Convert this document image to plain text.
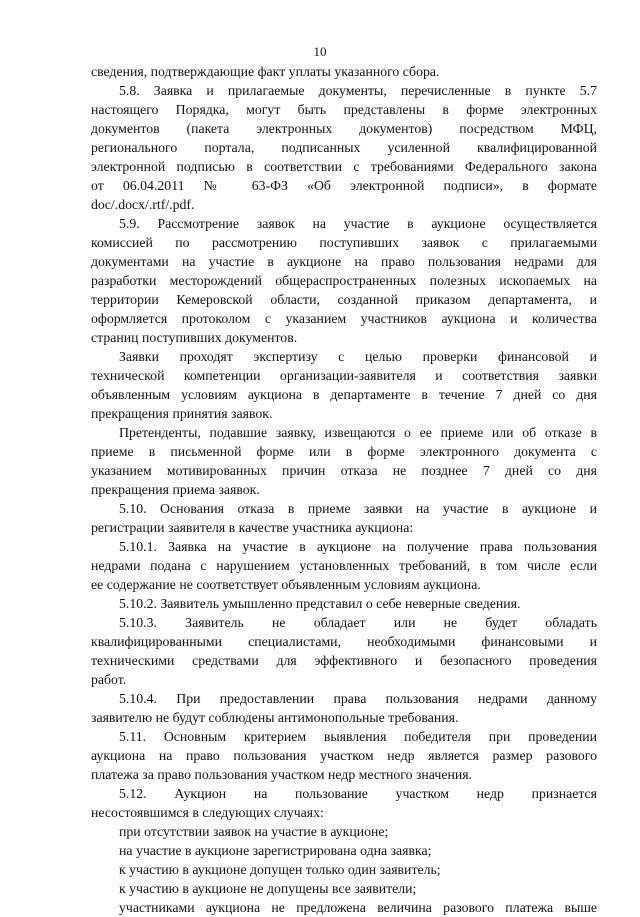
10
сведения, подтверждающие факт уплаты указанного сбора.
5.8. Заявка и прилагаемые документы, перечисленные в пункте 5.7
настоящего Порядка, могут быть представлены в форме электронных
документов (пакета электронных документов) посредством МФЦ,
регионального портала, подписанных усиленной квалифицированной
электронной подписью в соответствии с требованиями Федерального закона
от 06.04.2011 № 63-ФЗ «Об электронной подписи», в формате
doc/.docx/.rtf/.pdf.
5.9. Рассмотрение заявок на участие в аукционе осуществляется
комиссией по рассмотрению поступивших заявок с прилагаемыми
документами на участие в аукционе на право пользования недрами для
разработки месторождений общераспространенных полезных ископаемых на
территории Кемеровской области, созданной приказом департамента, и
оформляется протоколом с указанием участников аукциона и количества
страниц поступивших документов.
Заявки проходят экспертизу с целью проверки финансовой и
технической компетенции организации-заявителя и соответствия заявки
объявленным условиям аукциона в департаменте в течение 7 дней со дня
прекращения принятия заявок.
Претенденты, подавшие заявку, извещаются о ее приеме или об отказе в
приеме в письменной форме или в форме электронного документа с
указанием мотивированных причин отказа не позднее 7 дней со дня
прекращения приема заявок.
5.10. Основания отказа в приеме заявки на участие в аукционе и
регистрации заявителя в качестве участника аукциона:
5.10.1. Заявка на участие в аукционе на получение права пользования
недрами подана с нарушением установленных требований, в том числе если
ее содержание не соответствует объявленным условиям аукциона.
5.10.2. Заявитель умышленно представил о себе неверные сведения.
5.10.3. Заявитель не обладает или не будет обладать
квалифицированными специалистами, необходимыми финансовыми и
техническими средствами для эффективного и безопасного проведения
работ.
5.10.4. При предоставлении права пользования недрами данному
заявителю не будут соблюдены антимонопольные требования.
5.11. Основным критерием выявления победителя при проведении
аукциона на право пользования участком недр является размер разового
платежа за право пользования участком недр местного значения.
5.12. Аукцион на пользование участком недр признается
несостоявшимся в следующих случаях:
при отсутствии заявок на участие в аукционе;
на участие в аукционе зарегистрирована одна заявка;
к участию в аукционе допущен только один заявитель;
к участию в аукционе не допущены все заявители;
участниками аукциона не предложена величина разового платежа выше
